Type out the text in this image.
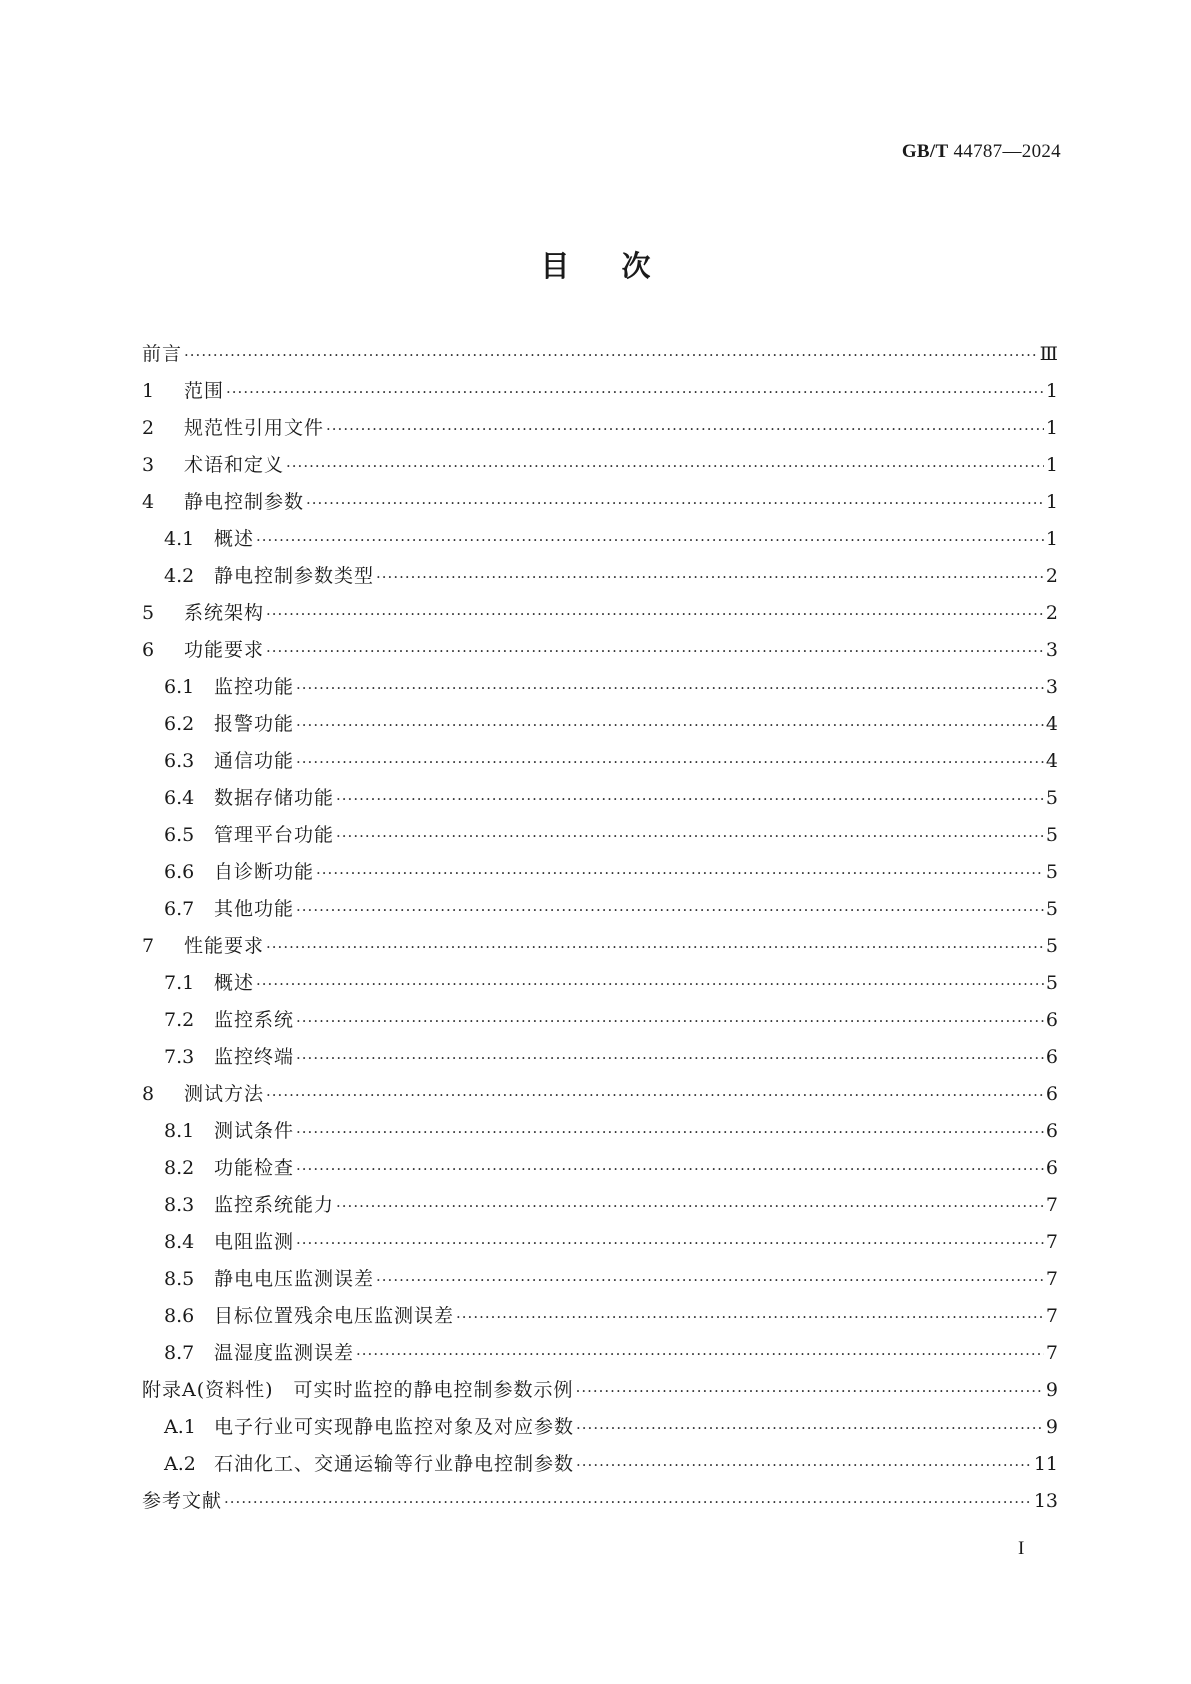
GB/T 44787—2024
目次
前言 ·····	Ⅲ
1	范围 ·····	1
2	规范性引用文件 ·····	1
3	术语和定义 ·····	1
4	静电控制参数 ·····	1
4.1	概述 ·····	1
4.2	静电控制参数类型 ·····	2
5	系统架构 ·····	2
6	功能要求 ·····	3
6.1	监控功能 ·····	3
6.2	报警功能 ·····	4
6.3	通信功能 ·····	4
6.4	数据存储功能 ·····	5
6.5	管理平台功能 ·····	5
6.6	自诊断功能 ·····	5
6.7	其他功能 ·····	5
7	性能要求 ·····	5
7.1	概述 ·····	5
7.2	监控系统 ·····	6
7.3	监控终端 ·····	6
8	测试方法 ·····	6
8.1	测试条件 ·····	6
8.2	功能检查 ·····	6
8.3	监控系统能力 ·····	7
8.4	电阻监测 ·····	7
8.5	静电电压监测误差 ·····	7
8.6	目标位置残余电压监测误差 ·····	7
8.7	温湿度监测误差 ·····	7
附录A(资料性)　可实时监控的静电控制参数示例 ·····	9
A.1 电子行业可实现静电监控对象及对应参数 ·····	9
A.2 石油化工、交通运输等行业静电控制参数 ·····	11
参考文献 ·····	13
I
